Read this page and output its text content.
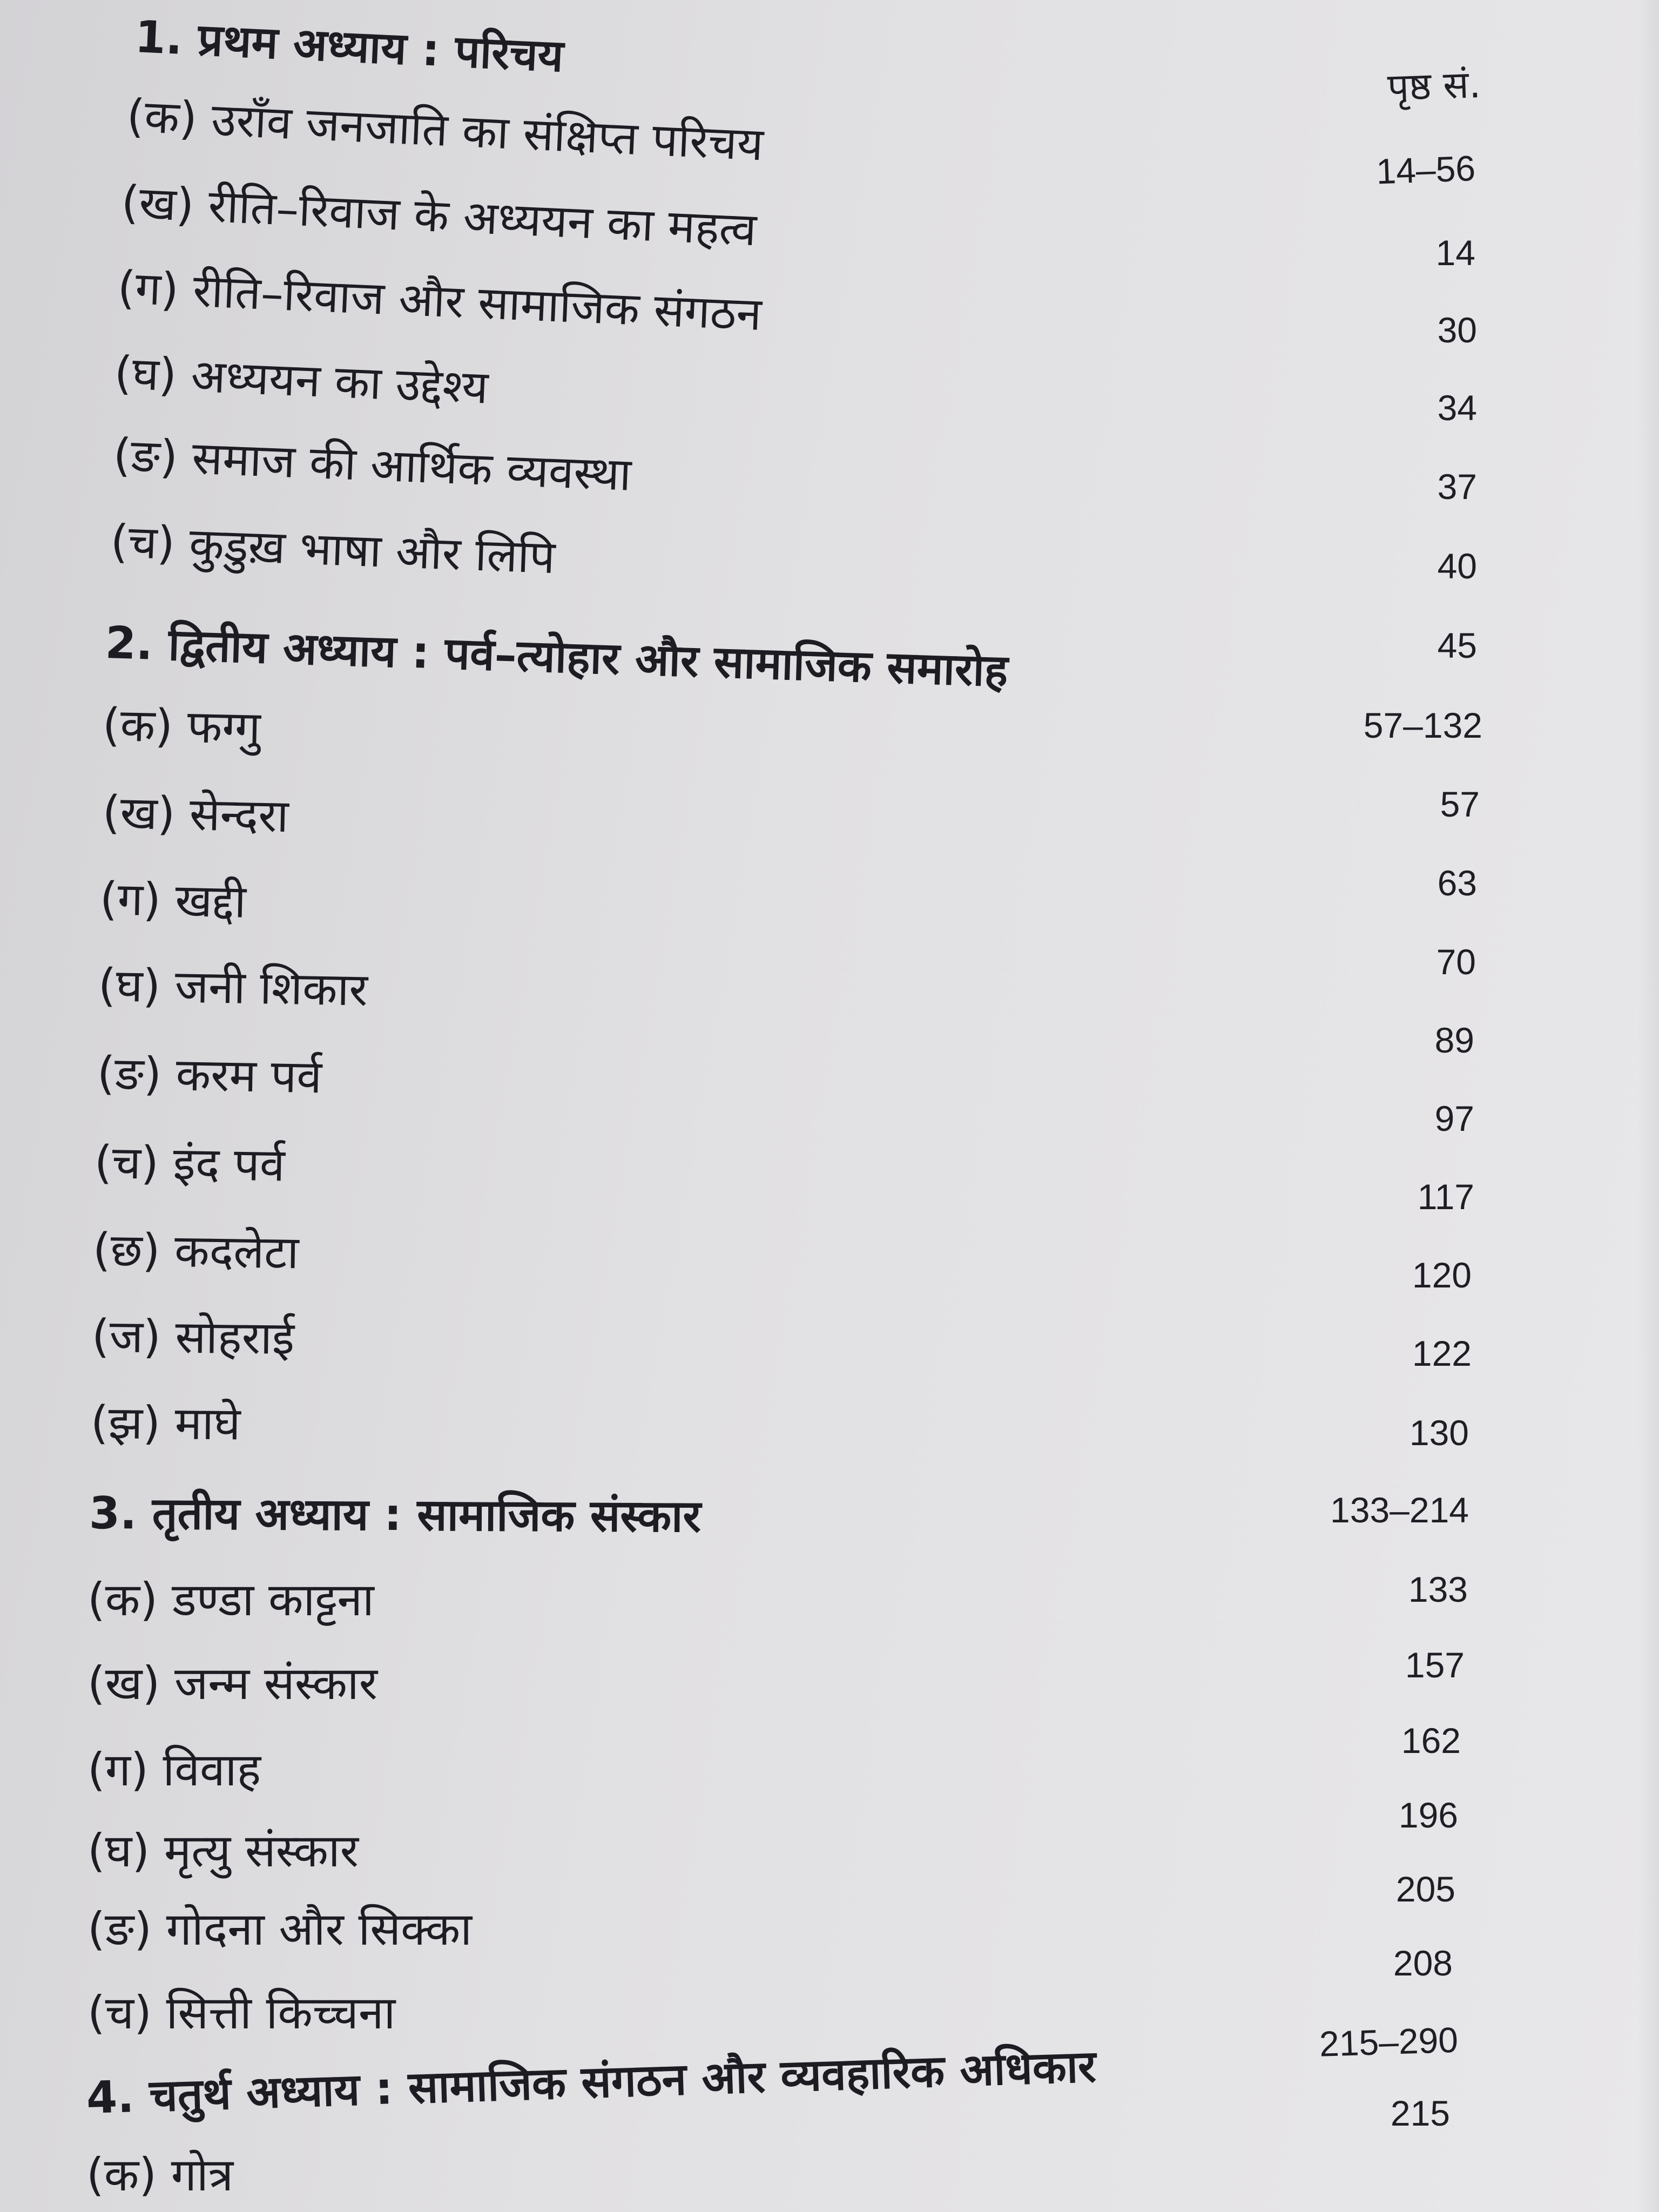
पृष्ठ सं.
1. प्रथम अध्याय : परिचय
14–56
(क) उराँव जनजाति का संक्षिप्त परिचय
(ख) रीति–रिवाज के अध्ययन का महत्व
(ग) रीति–रिवाज और सामाजिक संगठन
(घ) अध्ययन का उद्देश्य
(ङ) समाज की आर्थिक व्यवस्था
(च) कुडुख़ भाषा और लिपि
2. द्वितीय अध्याय : पर्व–त्योहार और सामाजिक समारोह
57–132
(क) फग्गु
(ख) सेन्दरा
(ग) खद्दी
(घ) जनी शिकार
(ङ) करम पर्व
(च) इंद पर्व
(छ) कदलेटा
(ज) सोहराई
(झ) माघे
3. तृतीय अध्याय : सामाजिक संस्कार	133–214
(क) डण्डा काट्टना
(ख) जन्म संस्कार
(ग) विवाह
(घ) मृत्यु संस्कार
(ङ) गोदना और सिक्का
(च) सित्ती किच्चना
4. चतुर्थ अध्याय : सामाजिक संगठन और व्यवहारिक अधिकार	215–290
(क) गोत्र
14
30
34
37
40
45
57
63
70
89
97
117
120
122
130
133
157
162
196
205
208
215
